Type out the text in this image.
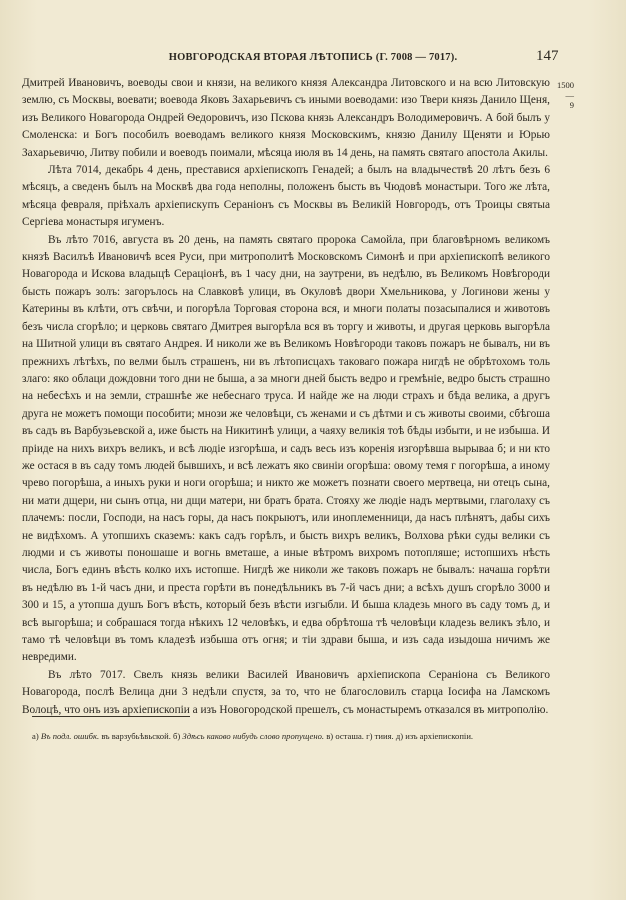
НОВГОРОДСКАЯ ВТОРАЯ ЛѢТОПИСЬ (Г. 7008 — 7017).	147
1500
—
9

Дмитрей Ивановичъ, воеводы свои и князи, на великого князя Александра Литовского и на всю Литовскую землю, съ Москвы, воевати; воевода Яковъ Захарьевичъ съ иными воеводами: изо Твери князь Данило Щеня, изъ Великого Новагорода Ондрей Ѳедоровичъ, изо Пскова князь Александръ Володимеровичъ. А бой былъ у Смоленска: и Богъ пособилъ воеводамъ великого князя Московскимъ, князю Данилу Щеняти и Юрью Захарьевичю, Литву побили и воеводъ поимали, мѣсяца июля въ 14 день, на память святаго апостола Акилы.

Лѣта 7014, декабрь 4 день, преставися архіепископъ Генадей; а былъ на владычествѣ 20 лѣтъ безъ 6 мѣсяцъ, а сведенъ былъ на Москвѣ два года неполны, положенъ бысть въ Чюдовѣ монастыри. Того же лѣта, мѣсяца февраля, пріѣхалъ архіепискупъ Сераніонъ съ Москвы въ Великій Новгородъ, отъ Троицы святыа Сергіева монастыря игуменъ.

Въ лѣто 7016, августа въ 20 день, на память святаго пророка Самойла, при благовѣрномъ великомъ князѣ Василъѣ Ивановичѣ всея Руси, при митрополитѣ Московскомъ Симонѣ и при архіепископѣ великого Новагорода и Искова владыцѣ Сераціонѣ, въ 1 часу дни, на заутрени, въ недѣлю, въ Великомъ Новѣгороди бысть пожаръ золъ: загорълось на Славковѣ улици, въ Окуловѣ двори Хмельникова, у Логинови жены у Катерины въ клѣти, отъ свѣчи, и погорѣла Торговая сторона вся, и многи полаты позасыпалися и животовъ безъ числа сгорѣло; и церковь святаго Дмитрея выгорѣла вся въ торгу и животы, и другая церковь выгорѣла на Шитной улици въ святаго Андрея. И николи же въ Великомъ Новѣгороди таковъ пожаръ не бывалъ, ни въ прежнихъ лѣтѣхъ, по велми былъ страшенъ, ни въ лѣтописцахъ таковаго пожара нигдѣ не обрѣтохомъ толь злаго: яко облаци дождовни того дни не быша, а за многи дней бысть ведро и гремѣніе, ведро бысть страшно на небесѣхъ и на земли, страшнѣе же небеснаго труса. И найде же на люди страхъ и бѣда велика, а другъ друга не можетъ помощи пособити; мнози же человѣци, съ женами и съ дѣтми и съ животы своими, сбѣгоша въ садъ въ Варбузьевской а, иже бысть на Никитинѣ улици, а чаяху великія тоѣ бѣды избыти, и не избыша. И пріиде на нихъ вихръ великъ, и всѣ людіе изгорѣша, и садъ весь изъ коренія изгорѣвша вырываа б; и ни кто же остася в въ саду томъ людей бывшихъ, и всѣ лежатъ яко свиніи огорѣша: овому темя г погорѣша, а иному чрево погорѣша, а иныхъ руки и ноги огорѣша; и никто же можетъ познати своего мертвеца, ни отецъ сына, ни мати дщери, ни сынъ отца, ни дщи матери, ни братъ брата. Стояху же людіе надъ мертвыми, глаголаху съ плачемъ: посли, Господи, на насъ горы, да насъ покрыютъ, или иноплеменници, да насъ плѣнятъ, дабы сихъ не видѣхомъ. А утопшихъ сказемъ: какъ садъ горѣлъ, и бысть вихръ великъ, Волхова рѣки суды велики съ людми и съ животы поношаше и вогнь вметаше, а иные вѣтромъ вихромъ потопляше; истопшихъ нѣсть числа, Богъ единъ вѣсть колко ихъ истопше. Нигдѣ же николи же таковъ пожаръ не бывалъ: начаша горѣти въ недѣлю въ 1-й часъ дни, и преста горѣти въ понедѣльникъ въ 7-й часъ дни; а всѣхъ душъ сгорѣло 3000 и 300 и 15, а утопша душъ Богъ вѣсть, который безъ вѣсти изгыбли. И быша кладезь много въ саду томъ д, и всѣ выгорѣша; и собрашася тогда нѣкихъ 12 человѣкъ, и едва обрѣтоша тѣ человѣци кладезь великъ зѣло, и тамо тѣ человѣци въ томъ кладезѣ избыша отъ огня; и тіи здрави быша, и изъ сада изыдоша ничимъ же невредими.

Въ лѣто 7017. Свелъ князь велики Василей Ивановичъ архіепископа Сераніона съ Великого Новагорода, послѣ Велица дни 3 недѣли спустя, за то, что не благословилъ старца Іосифа на Ламскомъ Волоцѣ, что онъ изъ архіепископіи а изъ Новогородской прешелъ, съ монастыремъ отказался въ митрополію.

а) Въ подл. ошибк. въ варзубьѣвьской. б) Здѣсь каково нибудь слово пропущено. в) осташа. г) тиия. д) изъ архіепископіи.
